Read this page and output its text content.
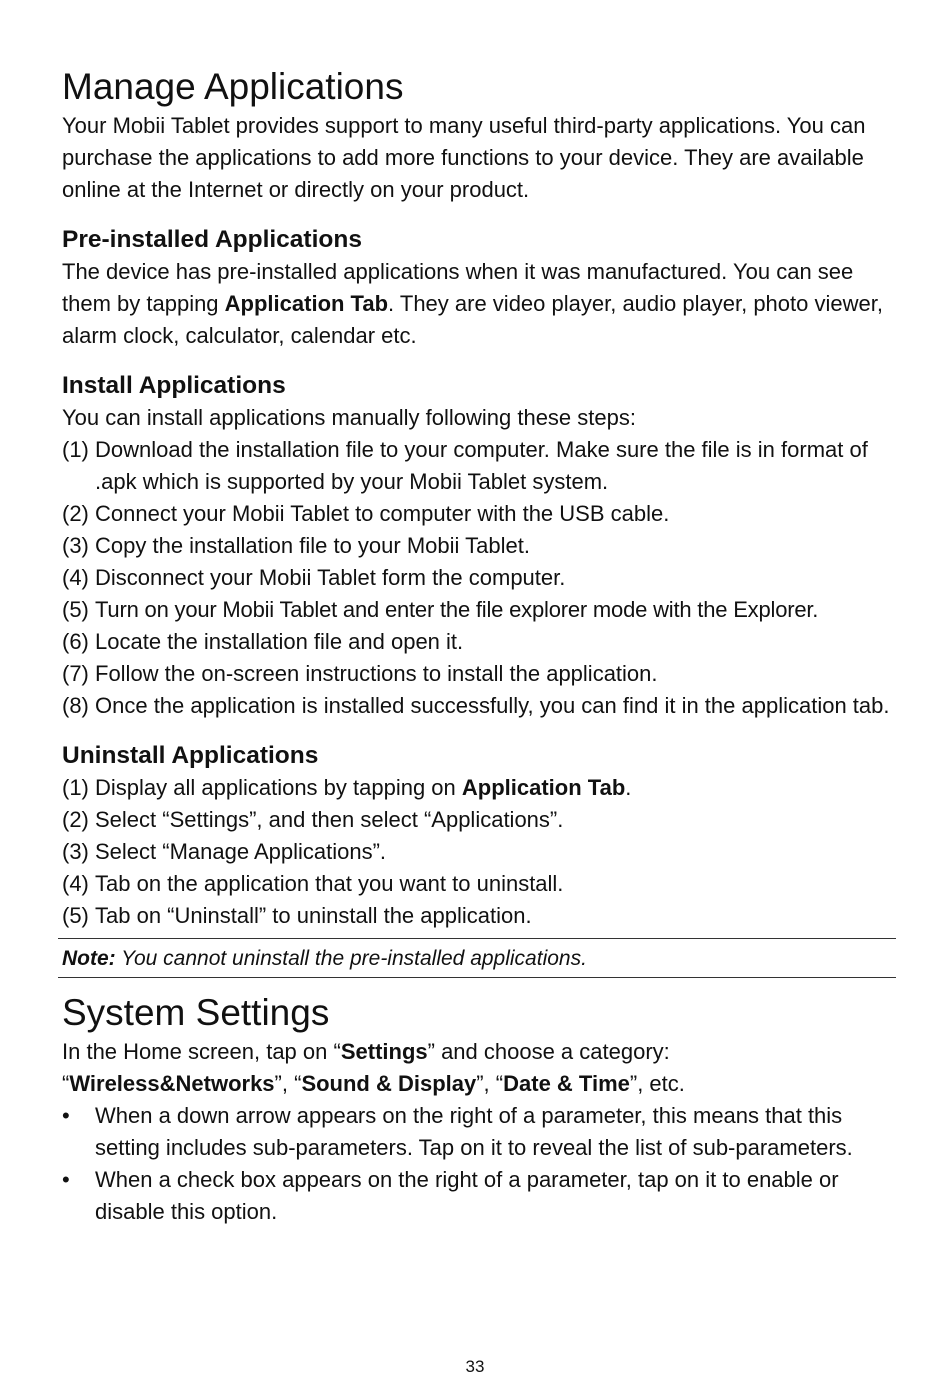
Manage Applications

Your Mobii Tablet provides support to many useful third-party applications. You can purchase the applications to add more functions to your device. They are available online at the Internet or directly on your product.

Pre-installed Applications

The device has pre-installed applications when it was manufactured. You can see them by tapping Application Tab. They are video player, audio player, photo viewer, alarm clock, calculator, calendar etc.

Install Applications

You can install applications manually following these steps:

(1) Download the installation file to your computer. Make sure the file is in format of .apk which is supported by your Mobii Tablet system.
(2) Connect your Mobii Tablet to computer with the USB cable.
(3) Copy the installation file to your Mobii Tablet.
(4) Disconnect your Mobii Tablet form the computer.
(5) Turn on your Mobii Tablet and enter the file explorer mode with the Explorer.
(6) Locate the installation file and open it.
(7) Follow the on-screen instructions to install the application.
(8) Once the application is installed successfully, you can find it in the application tab.
Uninstall Applications
(1) Display all applications by tapping on Application Tab.
(2) Select “Settings”, and then select “Applications”.
(3) Select “Manage Applications”.
(4) Tab on the application that you want to uninstall.
(5) Tab on “Uninstall” to uninstall the application.
Note: You cannot uninstall the pre-installed applications.
System Settings

In the Home screen, tap on “Settings” and choose a category:

“Wireless&Networks”, “Sound & Display”, “Date & Time”, etc.

• When a down arrow appears on the right of a parameter, this means that this setting includes sub-parameters. Tap on it to reveal the list of sub-parameters.
• When a check box appears on the right of a parameter, tap on it to enable or disable this option.
33
